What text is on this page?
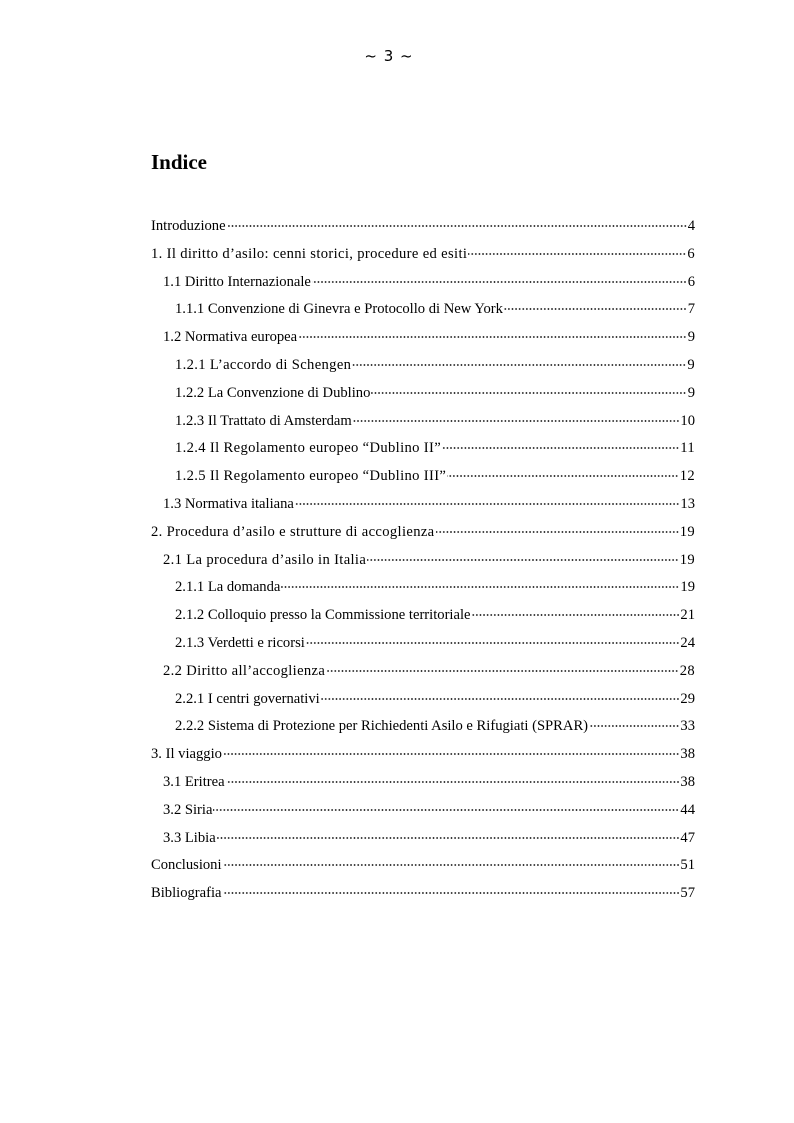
~ 3 ~
Indice
Introduzione	4
1. Il diritto d’asilo: cenni storici, procedure ed esiti	6
1.1 Diritto Internazionale	6
1.1.1 Convenzione di Ginevra e Protocollo di New York	7
1.2 Normativa europea	9
1.2.1 L’accordo di Schengen	9
1.2.2 La Convenzione di Dublino	9
1.2.3 Il Trattato di Amsterdam	10
1.2.4 Il Regolamento europeo “Dublino II”	11
1.2.5 Il Regolamento europeo “Dublino III”	12
1.3 Normativa italiana	13
2. Procedura d’asilo e strutture di accoglienza	19
2.1 La procedura d’asilo in Italia	19
2.1.1 La domanda	19
2.1.2 Colloquio presso la Commissione territoriale	21
2.1.3 Verdetti e ricorsi	24
2.2 Diritto all’accoglienza	28
2.2.1 I centri governativi	29
2.2.2 Sistema di Protezione per Richiedenti Asilo e Rifugiati (SPRAR)	33
3. Il viaggio	38
3.1 Eritrea	38
3.2 Siria	44
3.3 Libia	47
Conclusioni	51
Bibliografia	57
